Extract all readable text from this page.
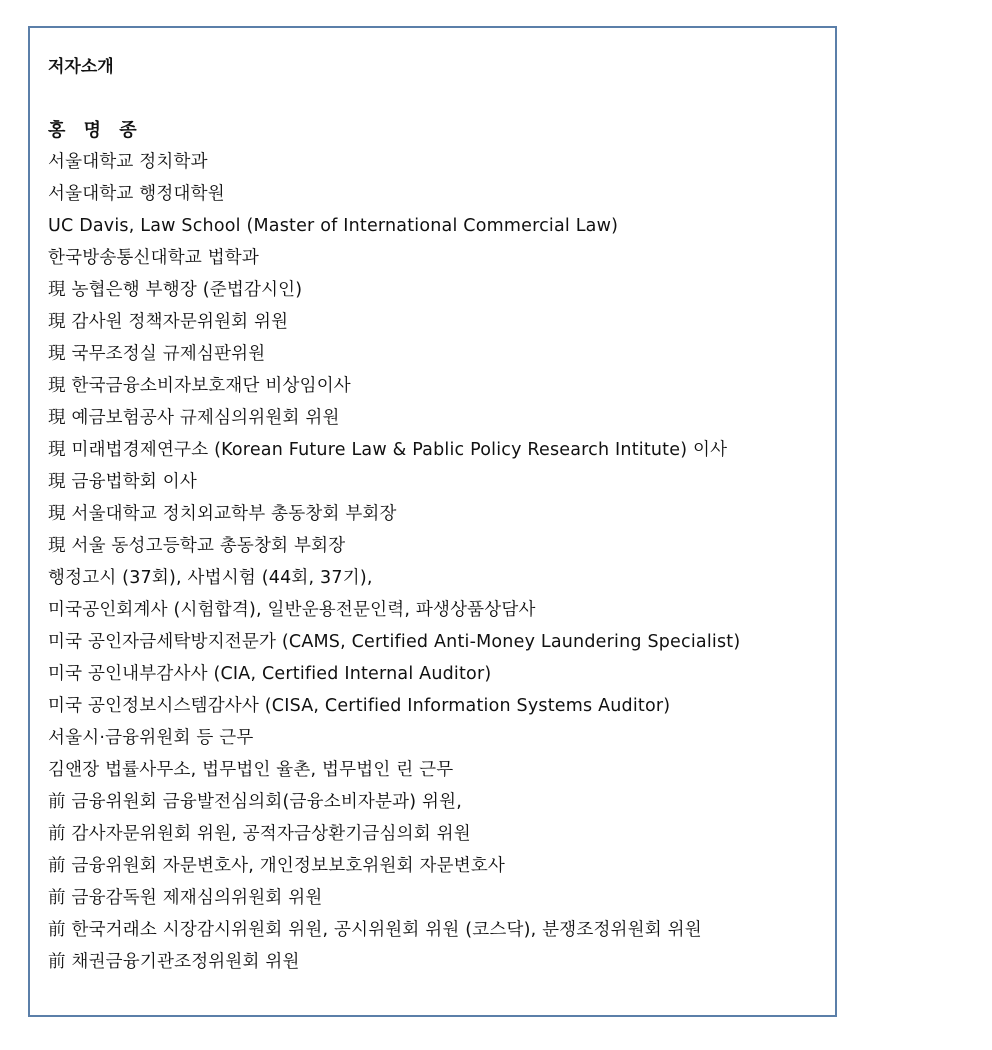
저자소개
홍 명 종
서울대학교 정치학과
서울대학교 행정대학원
UC Davis, Law School (Master of International Commercial Law)
한국방송통신대학교 법학과
現 농협은행 부행장 (준법감시인)
現 감사원 정책자문위원회 위원
現 국무조정실 규제심판위원
現 한국금융소비자보호재단 비상임이사
現 예금보험공사 규제심의위원회 위원
現 미래법경제연구소 (Korean Future Law & Pablic Policy Research Intitute) 이사
現 금융법학회 이사
現 서울대학교 정치외교학부 총동창회 부회장
現 서울 동성고등학교 총동창회 부회장
행정고시 (37회), 사법시험 (44회, 37기),
미국공인회계사 (시험합격), 일반운용전문인력, 파생상품상담사
미국 공인자금세탁방지전문가 (CAMS, Certified Anti-Money Laundering Specialist)
미국 공인내부감사사 (CIA, Certified Internal Auditor)
미국 공인정보시스템감사사 (CISA, Certified Information Systems Auditor)
서울시·금융위원회 등 근무
김앤장 법률사무소, 법무법인 율촌, 법무법인 린 근무
前 금융위원회 금융발전심의회(금융소비자분과) 위원,
前 감사자문위원회 위원, 공적자금상환기금심의회 위원
前 금융위원회 자문변호사, 개인정보보호위원회 자문변호사
前 금융감독원 제재심의위원회 위원
前 한국거래소 시장감시위원회 위원, 공시위원회 위원 (코스닥), 분쟁조정위원회 위원
前 채권금융기관조정위원회 위원
